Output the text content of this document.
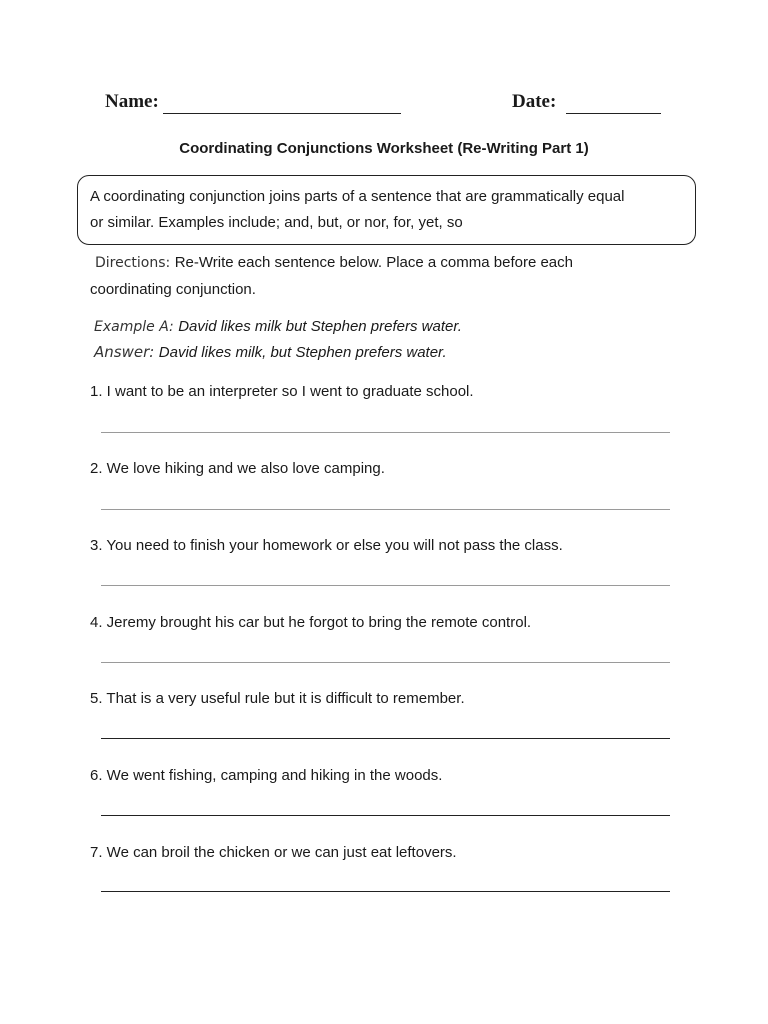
Name:	Date:
Coordinating Conjunctions Worksheet (Re-Writing Part 1)
A coordinating conjunction joins parts of a sentence that are grammatically equal
or similar. Examples include; and, but, or nor, for, yet, so
Directions: Re-Write each sentence below. Place a comma before each
coordinating conjunction.
Example A: David likes milk but Stephen prefers water.
Answer: David likes milk, but Stephen prefers water.
1. I want to be an interpreter so I went to graduate school.
2. We love hiking and we also love camping.
3. You need to finish your homework or else you will not pass the class.
4. Jeremy brought his car but he forgot to bring the remote control.
5. That is a very useful rule but it is difficult to remember.
6. We went fishing, camping and hiking in the woods.
7. We can broil the chicken or we can just eat leftovers.
